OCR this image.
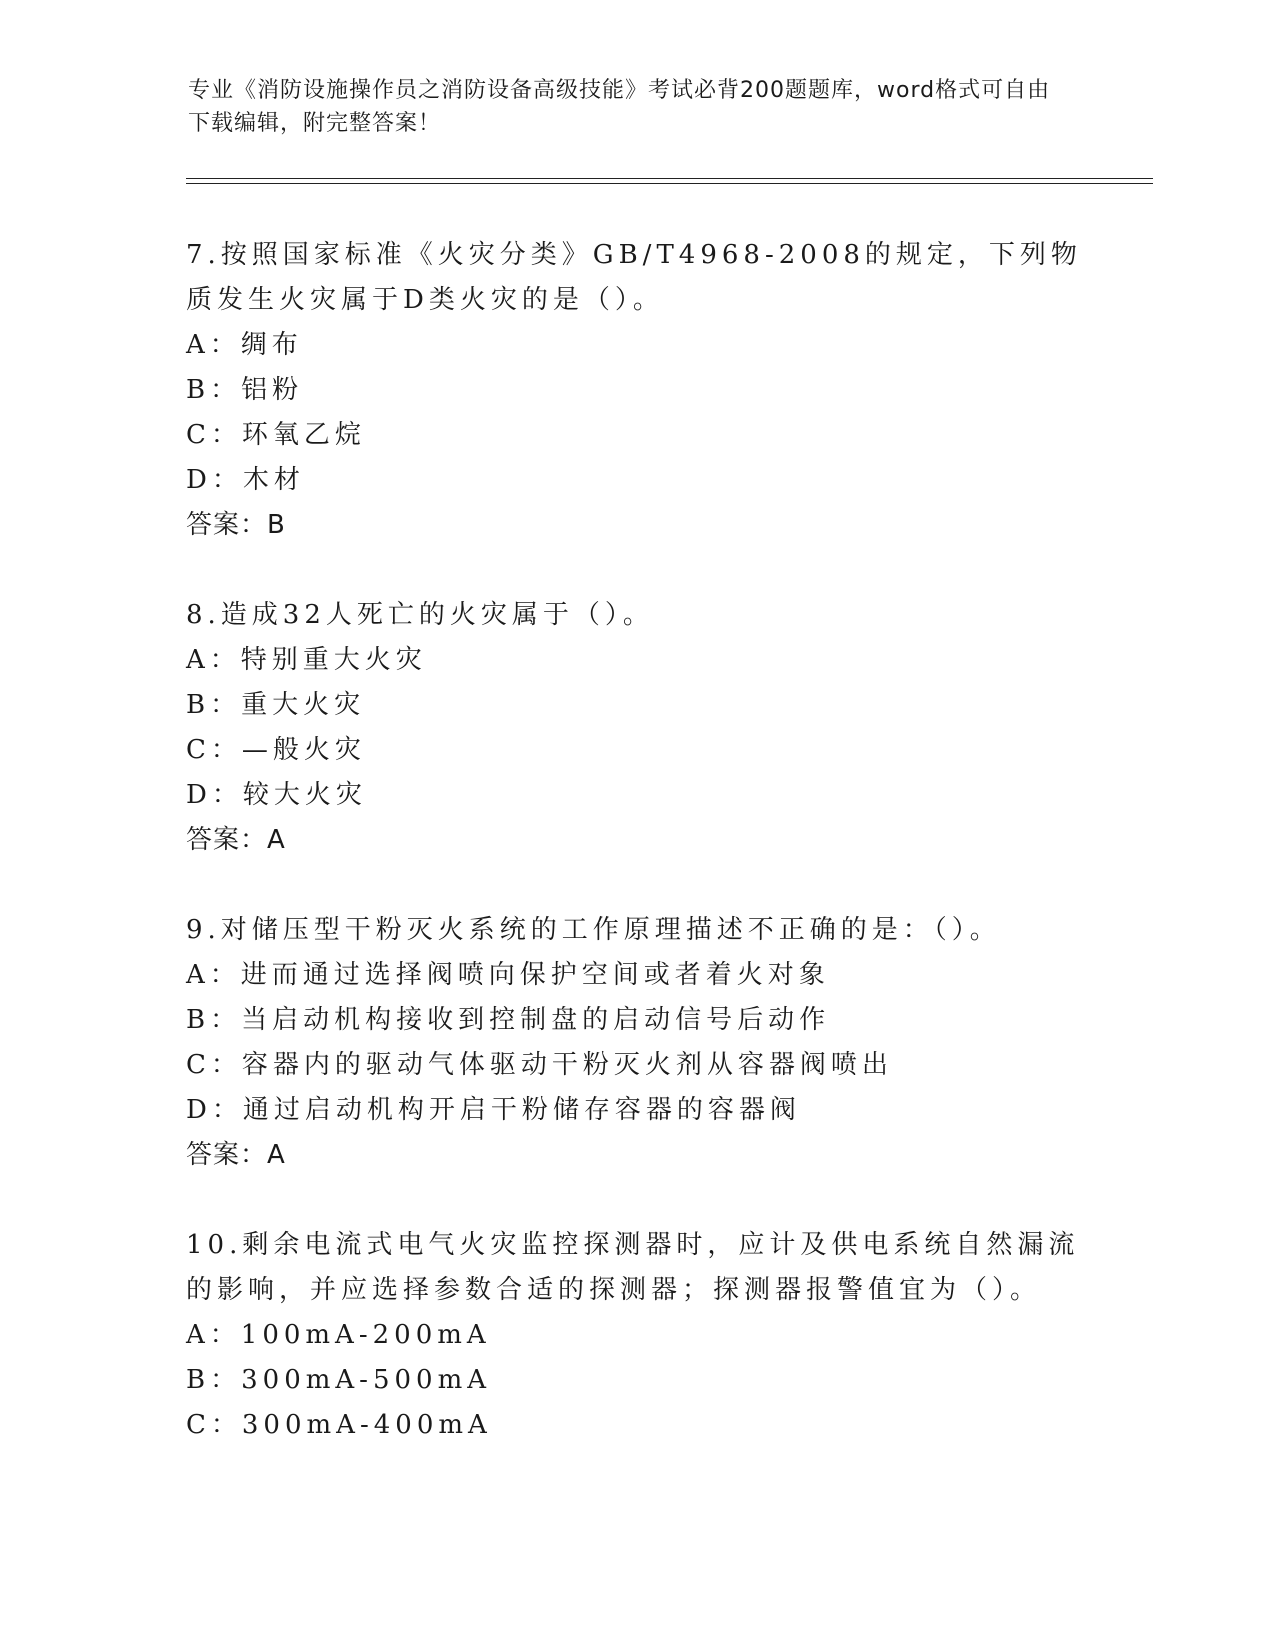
专业《消防设施操作员之消防设备高级技能》考试必背200题题库，word格式可自由下载编辑，附完整答案！
7.按照国家标准《火灾分类》GB/T4968-2008的规定，下列物质发生火灾属于D类火灾的是（）。
A：绸布
B：铝粉
C：环氧乙烷
D：木材
答案：B
8.造成32人死亡的火灾属于（）。
A：特别重大火灾
B：重大火灾
C：—般火灾
D：较大火灾
答案：A
9.对储压型干粉灭火系统的工作原理描述不正确的是：（）。
A：进而通过选择阀喷向保护空间或者着火对象
B：当启动机构接收到控制盘的启动信号后动作
C：容器内的驱动气体驱动干粉灭火剂从容器阀喷出
D：通过启动机构开启干粉储存容器的容器阀
答案：A
10.剩余电流式电气火灾监控探测器时，应计及供电系统自然漏流的影响，并应选择参数合适的探测器；探测器报警值宜为（）。
A：100mA-200mA
B：300mA-500mA
C：300mA-400mA
